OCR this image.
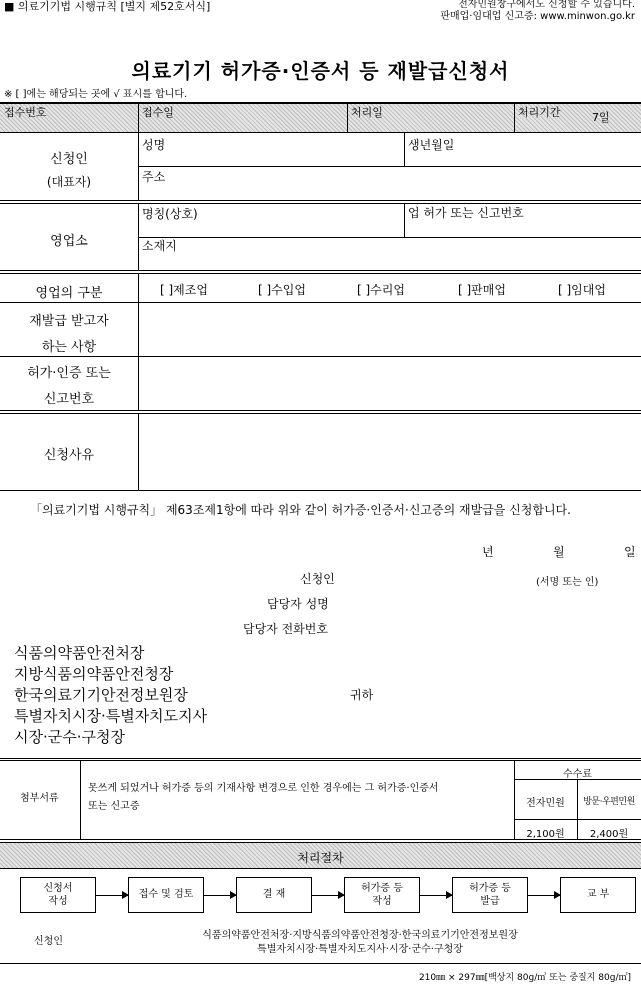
■ 의료기기법 시행규칙 [별지 제52호서식]	전자민원창구에서도 신청할 수 있습니다.
판매업·임대업 신고증: www.minwon.go.kr
의료기기 허가증·인증서 등 재발급신청서
※ [ ]에는 해당되는 곳에 √ 표시를 합니다.
접수번호	접수일	처리일	처리기간	7일
신청인
(대표자)
성명	생년월일
주소
영업소
명칭(상호)	업 허가 또는 신고번호
소재지
영업의 구분	[ ]제조업	[ ]수입업	[ ]수리업	[ ]판매업	[ ]임대업
재발급 받고자
하는 사항
허가·인증 또는
신고번호
신청사유
「의료기기법 시행규칙」 제63조제1항에 따라 위와 같이 허가증·인증서·신고증의 재발급을 신청합니다.
년	월	일
신청인	(서명 또는 인)
담당자 성명
담당자 전화번호
식품의약품안전처장
지방식품의약품안전청장
한국의료기기안전정보원장
특별자치시장·특별자치도지사
시장·군수·구청장
귀하
첨부서류
못쓰게 되었거나 허가증 등의 기재사항 변경으로 인한 경우에는 그 허가증·인증서
또는 신고증
수수료
전자민원	방문·우편민원
2,100원	2,400원
처리절차
신청서
작성
접수 및 검토	결 재
허가증 등
작성
허가증 등
발급
교 부
신청인
식품의약품안전처장·지방식품의약품안전청장·한국의료기기안전정보원장
특별자치시장·특별자치도지사·시장·군수·구청장
210㎜ × 297㎜[백상지 80g/㎡ 또는 중질지 80g/㎡]
